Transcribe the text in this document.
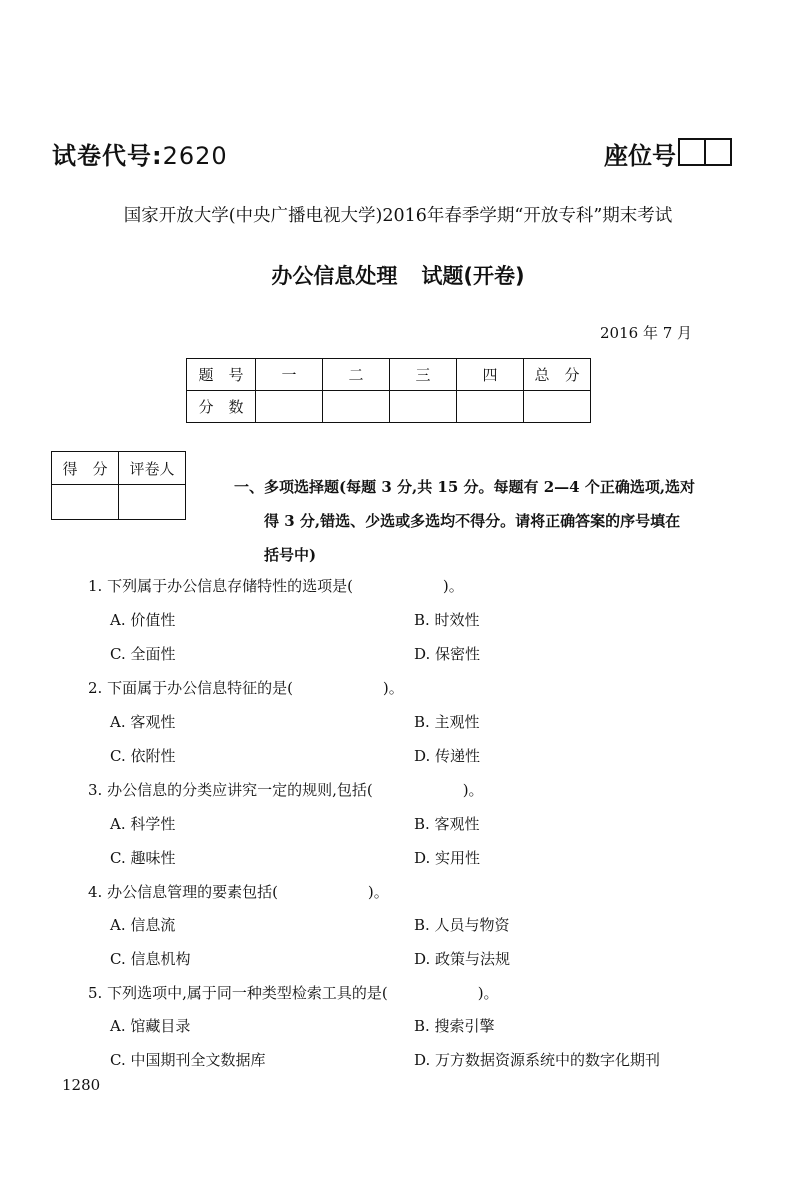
试卷代号:2620	座位号
国家开放大学(中央广播电视大学)2016年春季学期“开放专科”期末考试
办公信息处理 试题(开卷)
2016 年 7 月
题　号	一	二	三	四	总　分
分　数					
得　分	评卷人

一、多项选择题(每题 3 分,共 15 分。每题有 2—4 个正确选项,选对
得 3 分,错选、少选或多选均不得分。请将正确答案的序号填在
括号中)
1. 下列属于办公信息存储特性的选项是(　　　　　　)。
A. 价值性	B. 时效性
C. 全面性	D. 保密性
2. 下面属于办公信息特征的是(　　　　　　)。
A. 客观性	B. 主观性
C. 依附性	D. 传递性
3. 办公信息的分类应讲究一定的规则,包括(　　　　　　)。
A. 科学性	B. 客观性
C. 趣味性	D. 实用性
4. 办公信息管理的要素包括(　　　　　　)。
A. 信息流	B. 人员与物资
C. 信息机构	D. 政策与法规
5. 下列选项中,属于同一种类型检索工具的是(　　　　　　)。
A. 馆藏目录	B. 搜索引擎
C. 中国期刊全文数据库	D. 万方数据资源系统中的数字化期刊
1280
